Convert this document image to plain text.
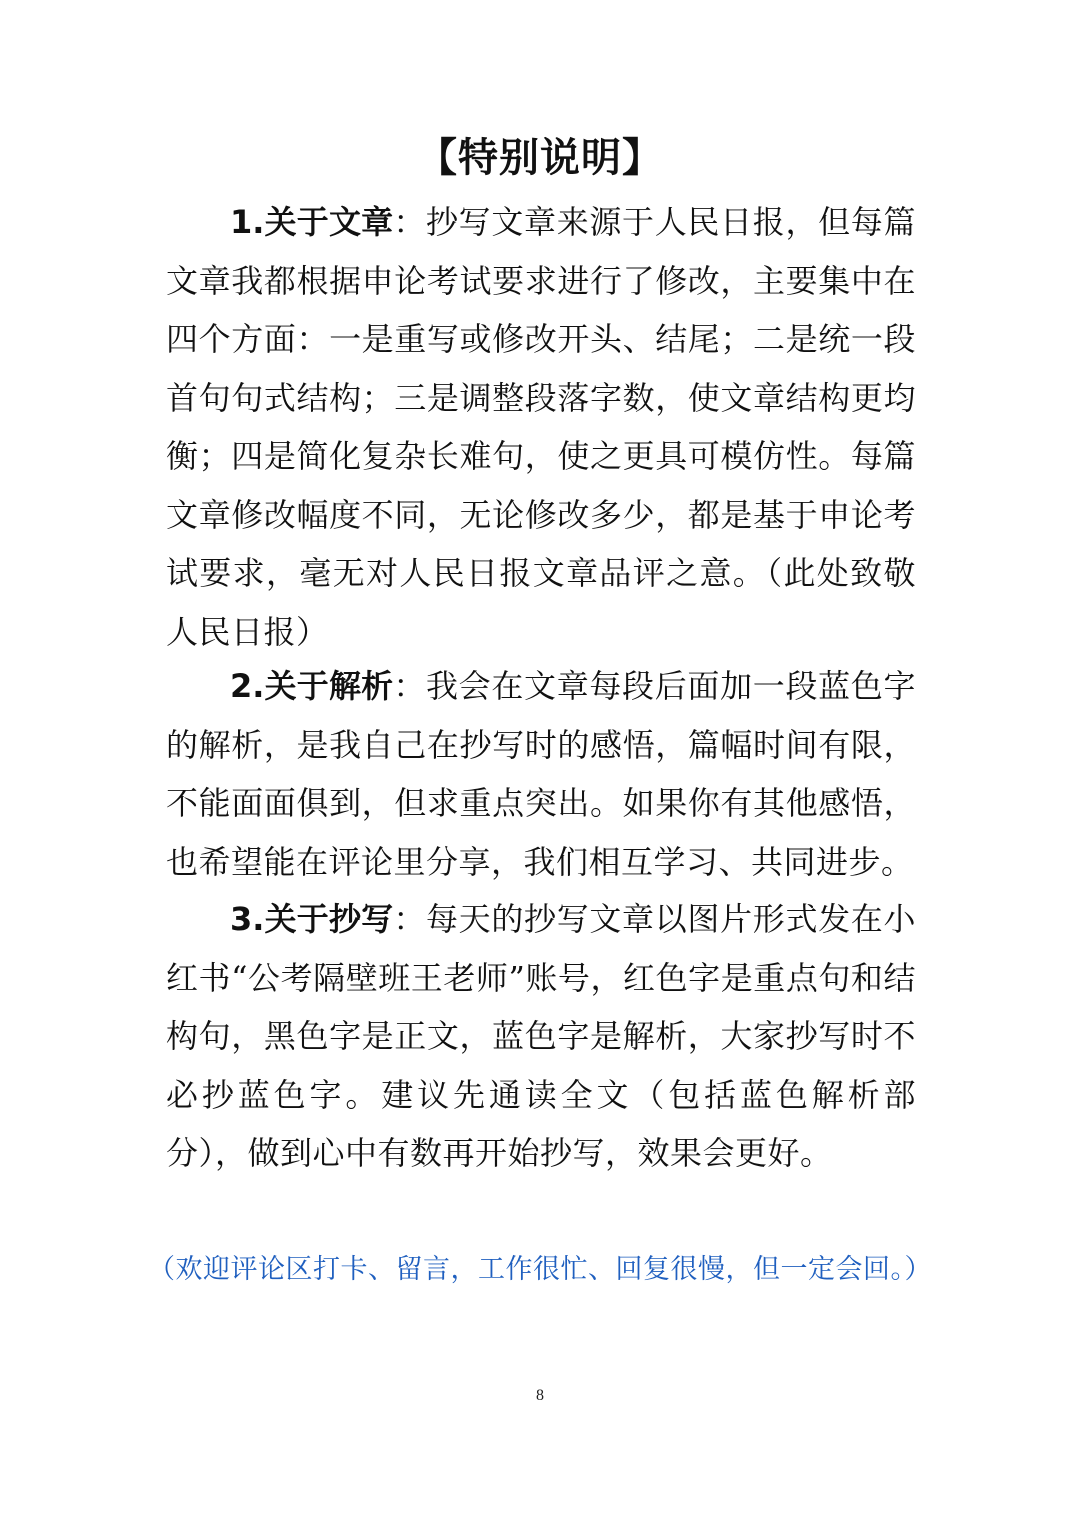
【特别说明】
1.关于文章：抄写文章来源于人民日报，但每篇文章我都根据申论考试要求进行了修改，主要集中在四个方面：一是重写或修改开头、结尾；二是统一段首句句式结构；三是调整段落字数，使文章结构更均衡；四是简化复杂长难句，使之更具可模仿性。每篇文章修改幅度不同，无论修改多少，都是基于申论考试要求，毫无对人民日报文章品评之意。（此处致敬人民日报）
2.关于解析：我会在文章每段后面加一段蓝色字的解析，是我自己在抄写时的感悟，篇幅时间有限，不能面面俱到，但求重点突出。如果你有其他感悟，也希望能在评论里分享，我们相互学习、共同进步。
3.关于抄写：每天的抄写文章以图片形式发在小红书“公考隔壁班王老师”账号，红色字是重点句和结构句，黑色字是正文，蓝色字是解析，大家抄写时不必抄蓝色字。建议先通读全文（包括蓝色解析部分），做到心中有数再开始抄写，效果会更好。
（欢迎评论区打卡、留言，工作很忙、回复很慢，但一定会回。）
8
